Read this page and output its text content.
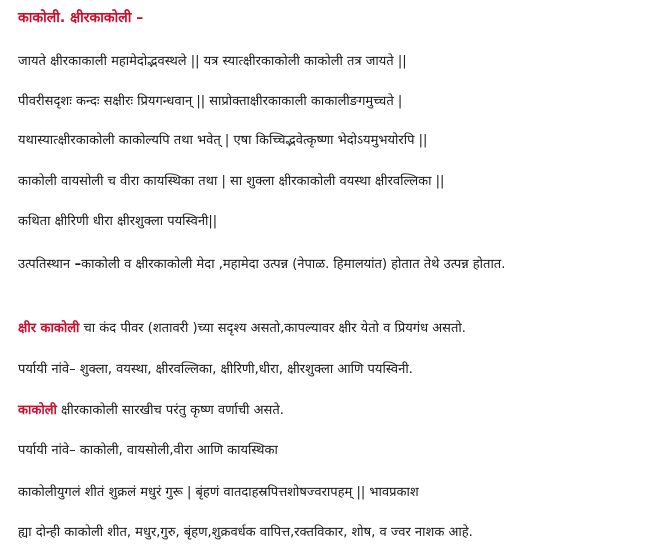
काकोली. क्षीरकाकोली –
जायते क्षीरकाकाली महामेदोद्भवस्थले || यत्र स्यात्क्षीरकाकोली काकोली तत्र जायते ||
पीवरीसदृशः कन्दः सक्षीरः प्रियगन्धवान् || साप्रोक्ताक्षीरकाकाली काकालीङगमुच्चते |
यथास्यात्क्षीरकाकोली काकोल्यपि तथा भवेत् | एषा किच्चिद्भवेत्कृष्णा भेदोऽयमुभयोरपि ||
काकोली वायसोली च वीरा कायस्थिका तथा | सा शुक्ला क्षीरकाकोली वयस्था क्षीरवल्लिका ||
कथिता क्षीरिणी धीरा क्षीरशुक्ला पयस्विनी||
उत्पतिस्थान –काकोली व क्षीरकाकोली मेदा ,महामेदा उत्पन्न (नेपाळ. हिमालयांत) होतात तेथे उत्पन्न होतात.
क्षीर काकोली चा कंद पीवर (शतावरी )च्या सदृश्य असतो,कापल्यावर क्षीर येतो व प्रियगंध असतो.
पर्यायी नांवे– शुक्ला, वयस्था, क्षीरवल्लिका, क्षीरिणी,धीरा, क्षीरशुक्ला आणि पयस्विनी.
काकोली क्षीरकाकोली सारखीच परंतु कृष्ण वर्णाची असते.
पर्यायी नांवे– काकोली, वायसोली,वीरा आणि कायस्थिका
काकोलीयुगलं शीतं शुक्रलं मधुरं गुरू | बृंहणं वातदाहस्रपित्तशोषज्वरापहम् || भावप्रकाश
ह्या दोन्ही काकोली शीत, मधुर,गुरु, बृंहण,शुक्रवर्धक वापित्त,रक्तविकार, शोष, व ज्वर नाशक आहे.
